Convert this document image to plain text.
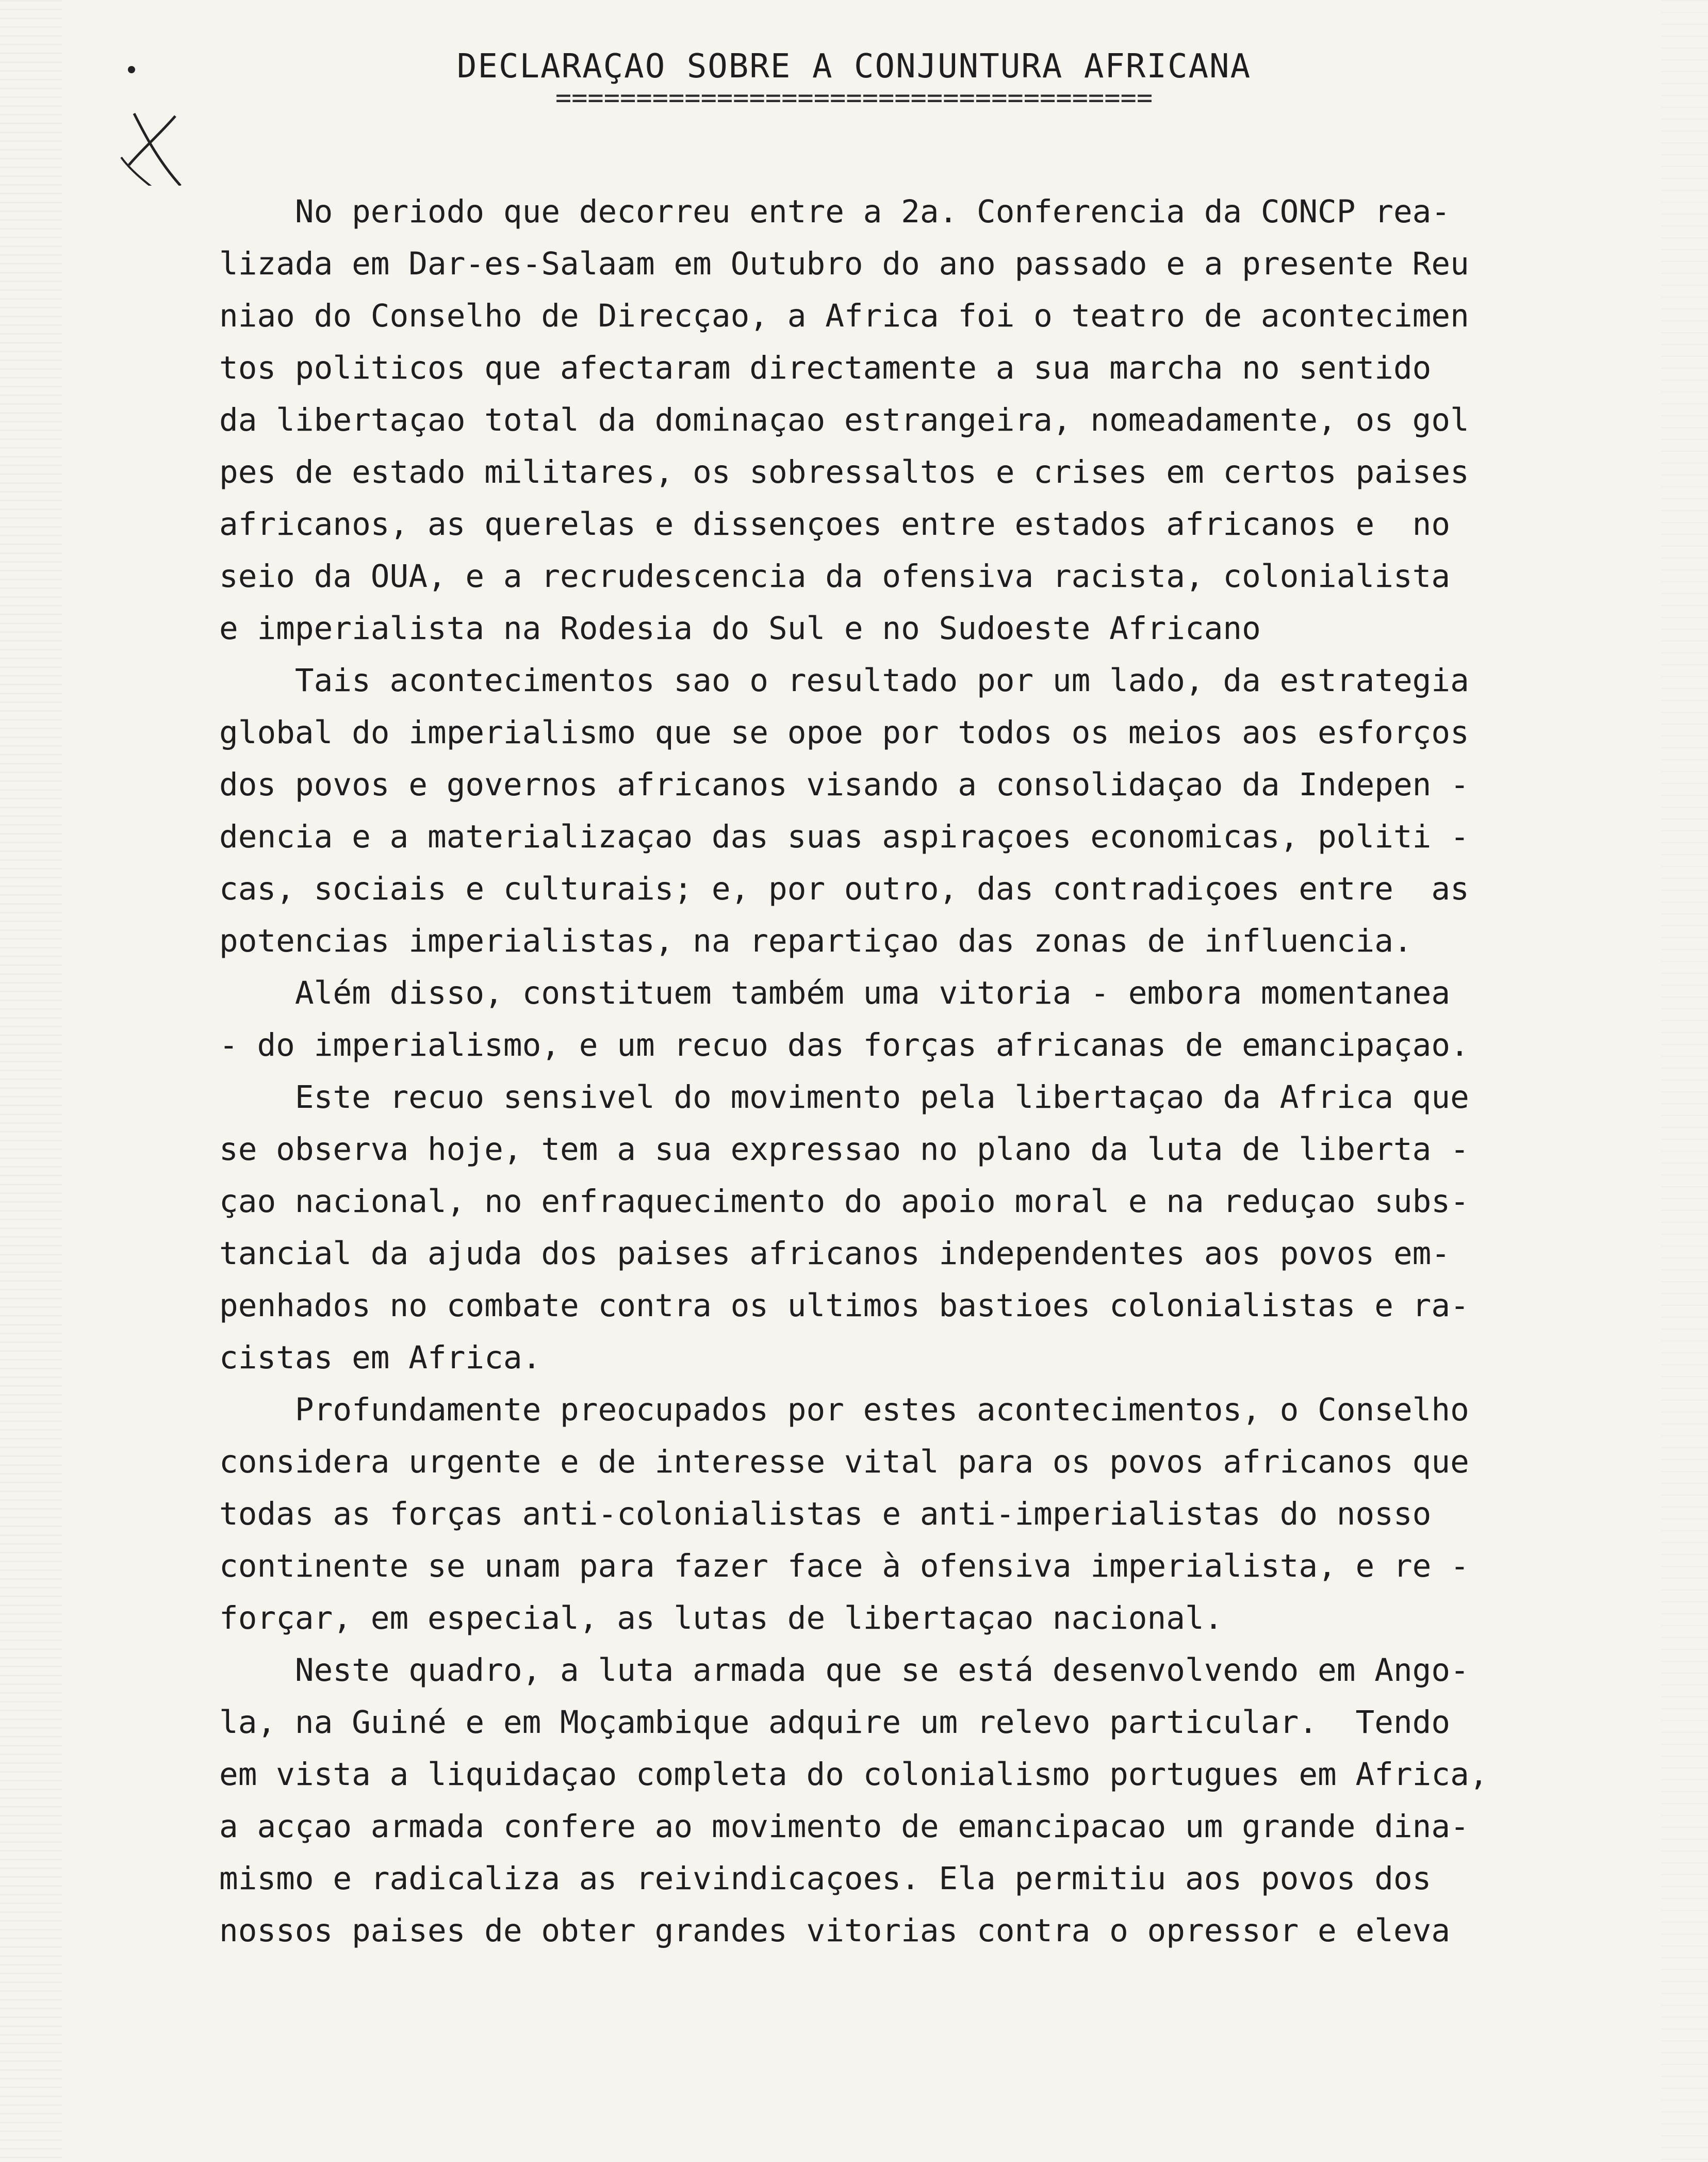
DECLARAÇAO SOBRE A CONJUNTURA AFRICANA
=====================================
No periodo que decorreu entre a 2a. Conferencia da CONCP rea-
lizada em Dar-es-Salaam em Outubro do ano passado e a presente Reu
niao do Conselho de Direcçao, a Africa foi o teatro de acontecimen
tos politicos que afectaram directamente a sua marcha no sentido
da libertaçao total da dominaçao estrangeira, nomeadamente, os gol
pes de estado militares, os sobressaltos e crises em certos paises
africanos, as querelas e dissençoes entre estados africanos e  no
seio da OUA, e a recrudescencia da ofensiva racista, colonialista
e imperialista na Rodesia do Sul e no Sudoeste Africano
Tais acontecimentos sao o resultado por um lado, da estrategia
global do imperialismo que se opoe por todos os meios aos esforços
dos povos e governos africanos visando a consolidaçao da Indepen -
dencia e a materializaçao das suas aspiraçoes economicas, politi -
cas, sociais e culturais; e, por outro, das contradiçoes entre  as
potencias imperialistas, na repartiçao das zonas de influencia.
Além disso, constituem também uma vitoria - embora momentanea
- do imperialismo, e um recuo das forças africanas de emancipaçao.
Este recuo sensivel do movimento pela libertaçao da Africa que
se observa hoje, tem a sua expressao no plano da luta de liberta -
çao nacional, no enfraquecimento do apoio moral e na reduçao subs-
tancial da ajuda dos paises africanos independentes aos povos em-
penhados no combate contra os ultimos bastioes colonialistas e ra-
cistas em Africa.
Profundamente preocupados por estes acontecimentos, o Conselho
considera urgente e de interesse vital para os povos africanos que
todas as forças anti-colonialistas e anti-imperialistas do nosso
continente se unam para fazer face à ofensiva imperialista, e re -
forçar, em especial, as lutas de libertaçao nacional.
Neste quadro, a luta armada que se está desenvolvendo em Ango-
la, na Guiné e em Moçambique adquire um relevo particular.  Tendo
em vista a liquidaçao completa do colonialismo portugues em Africa,
a acçao armada confere ao movimento de emancipacao um grande dina-
mismo e radicaliza as reivindicaçoes. Ela permitiu aos povos dos
nossos paises de obter grandes vitorias contra o opressor e eleva
